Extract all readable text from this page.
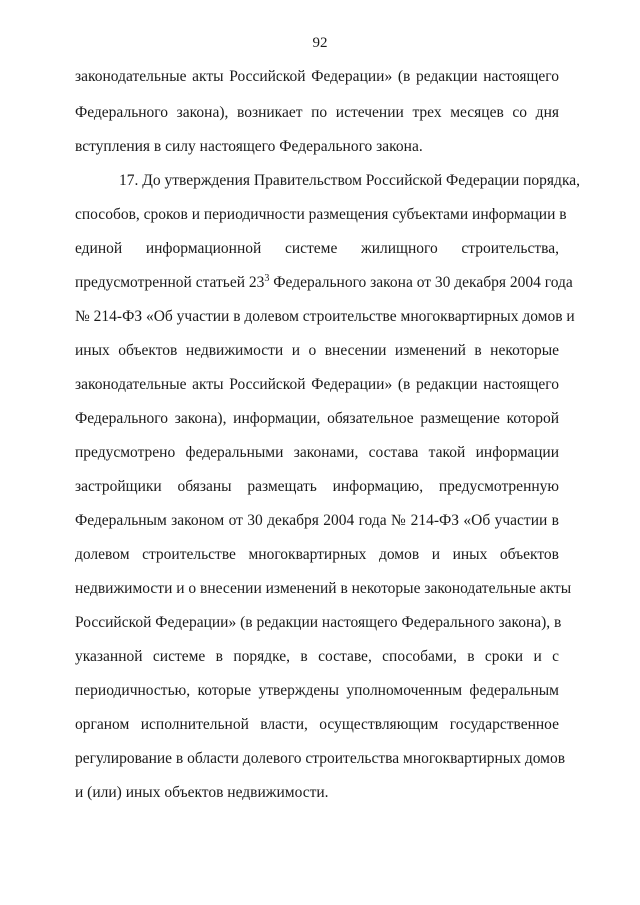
92
законодательные акты Российской Федерации» (в редакции настоящего
Федерального закона), возникает по истечении трех месяцев со дня
вступления в силу настоящего Федерального закона.
17. До утверждения Правительством Российской Федерации порядка,
способов, сроков и периодичности размещения субъектами информации в
единой информационной системе жилищного строительства,
предусмотренной статьей $23^3$ Федерального закона от 30 декабря 2004 года
№ 214-ФЗ «Об участии в долевом строительстве многоквартирных домов и
иных объектов недвижимости и о внесении изменений в некоторые
законодательные акты Российской Федерации» (в редакции настоящего
Федерального закона), информации, обязательное размещение которой
предусмотрено федеральными законами, состава такой информации
застройщики обязаны размещать информацию, предусмотренную
Федеральным законом от 30 декабря 2004 года № 214-ФЗ «Об участии в
долевом строительстве многоквартирных домов и иных объектов
недвижимости и о внесении изменений в некоторые законодательные акты
Российской Федерации» (в редакции настоящего Федерального закона), в
указанной системе в порядке, в составе, способами, в сроки и с
периодичностью, которые утверждены уполномоченным федеральным
органом исполнительной власти, осуществляющим государственное
регулирование в области долевого строительства многоквартирных домов
и (или) иных объектов недвижимости.
